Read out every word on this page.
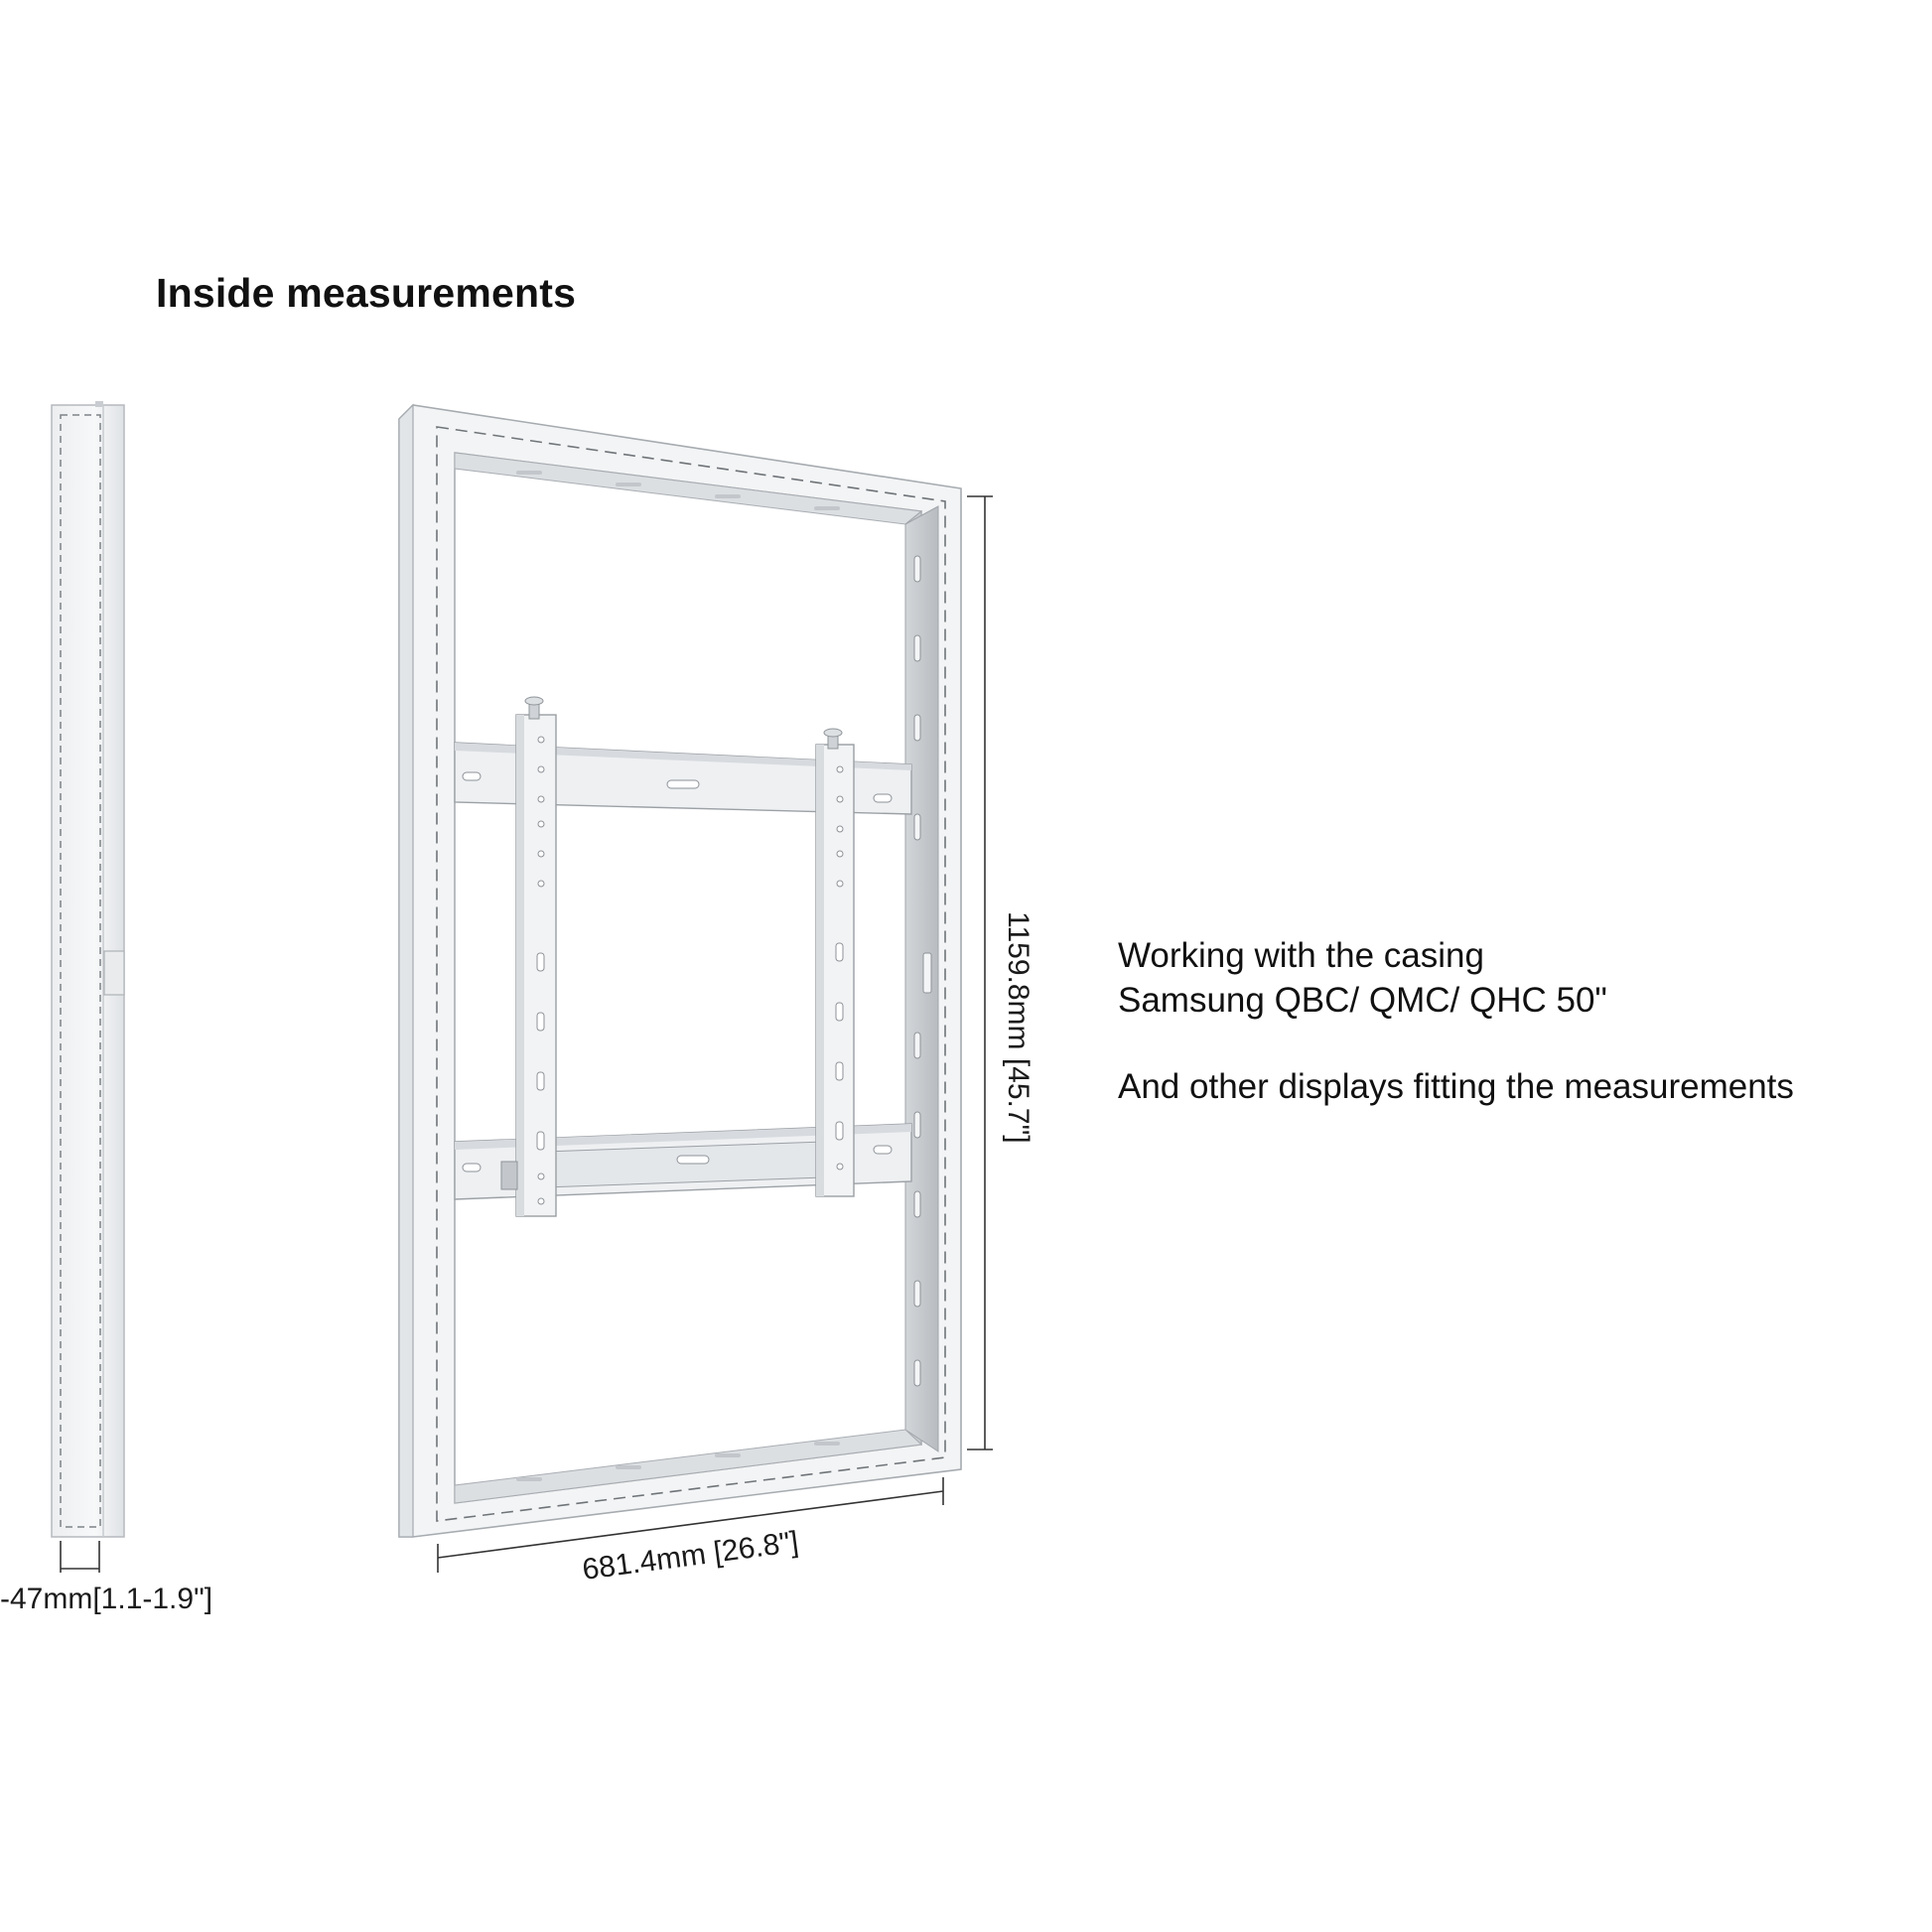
Inside measurements

Working with the casing

Samsung QBC/ QMC/ QHC 50"

And other displays fitting the measurements

-47mm[1.1-1.9"]
1159.8mm [45.7"]
681.4mm [26.8"]
